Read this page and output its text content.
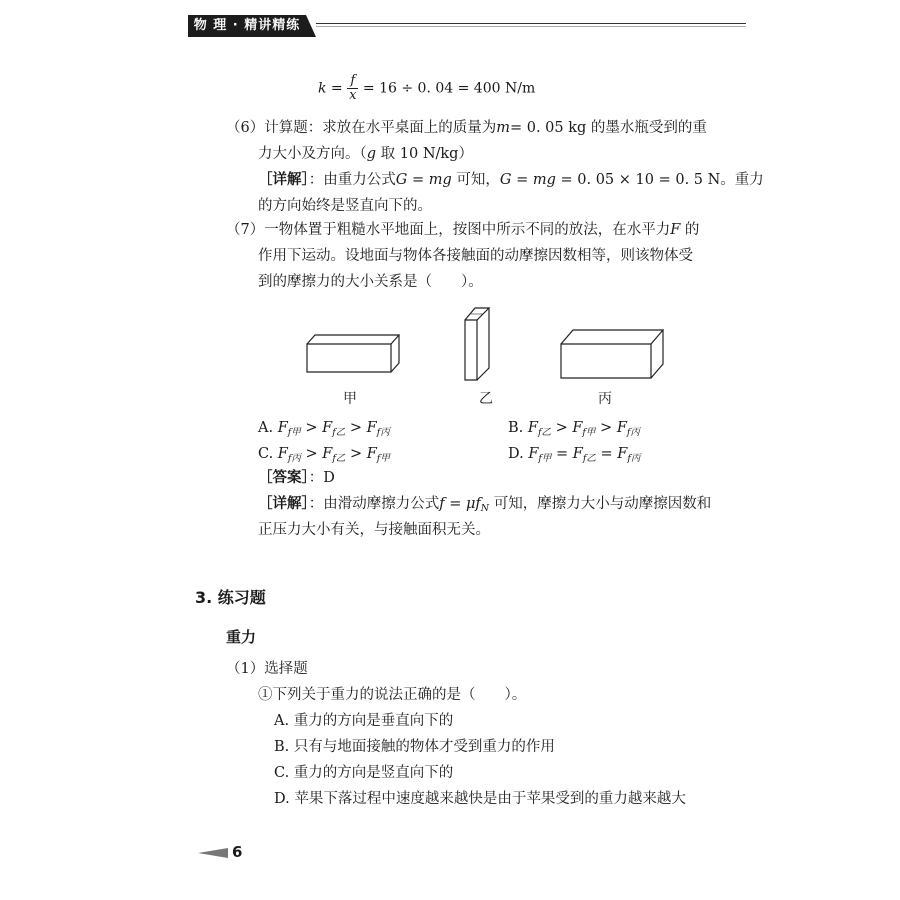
物 理 · 精讲精练
$k = \frac{f}{x} = 16 \div 0$. 04 = 400 N/m
（6）计算题：求放在水平桌面上的质量为m= 0. 05 kg 的墨水瓶受到的重
力大小及方向。（g 取 10 N/kg）
［详解］：由重力公式G = mg 可知，G = mg = 0. 05 × 10 = 0. 5 N。重力
的方向始终是竖直向下的。
（7）一物体置于粗糙水平地面上，按图中所示不同的放法，在水平力F 的
作用下运动。设地面与物体各接触面的动摩擦因数相等，则该物体受
到的摩擦力的大小关系是（　　）。
甲	乙	丙
A. $F_{f甲} > F_{f乙} > F_{f丙}$	B. $F_{f乙} > F_{f甲} > F_{f丙}$
C. $F_{f丙} > F_{f乙} > F_{f甲}$	D. $F_{f甲} = F_{f乙} = F_{f丙}$
［答案］：D
［详解］：由滑动摩擦力公式$f = \mu f_N$ 可知，摩擦力大小与动摩擦因数和
正压力大小有关，与接触面积无关。
3. 练习题
重力
（1）选择题
①下列关于重力的说法正确的是（　　）。
A. 重力的方向是垂直向下的
B. 只有与地面接触的物体才受到重力的作用
C. 重力的方向是竖直向下的
D. 苹果下落过程中速度越来越快是由于苹果受到的重力越来越大
6
